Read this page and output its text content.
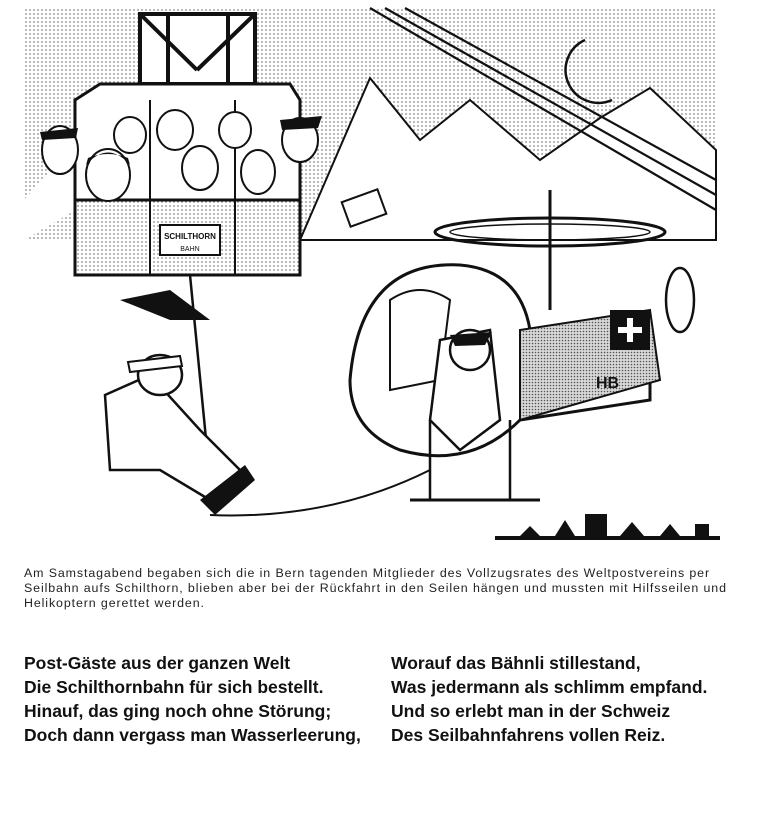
SCHILTHORN
BAHN
HB

Am Samstagabend begaben sich die in Bern tagenden Mitglieder des Vollzugsrates des Weltpostvereins per Seilbahn aufs Schilthorn, blieben aber bei der Rückfahrt in den Seilen hängen und mussten mit Hilfsseilen und Helikoptern gerettet werden.

Post-Gäste aus der ganzen Welt
Die Schilthornbahn für sich bestellt.
Hinauf, das ging noch ohne Störung;
Doch dann vergass man Wasserleerung,
Worauf das Bähnli stillestand,
Was jedermann als schlimm empfand.
Und so erlebt man in der Schweiz
Des Seilbahnfahrens vollen Reiz.
